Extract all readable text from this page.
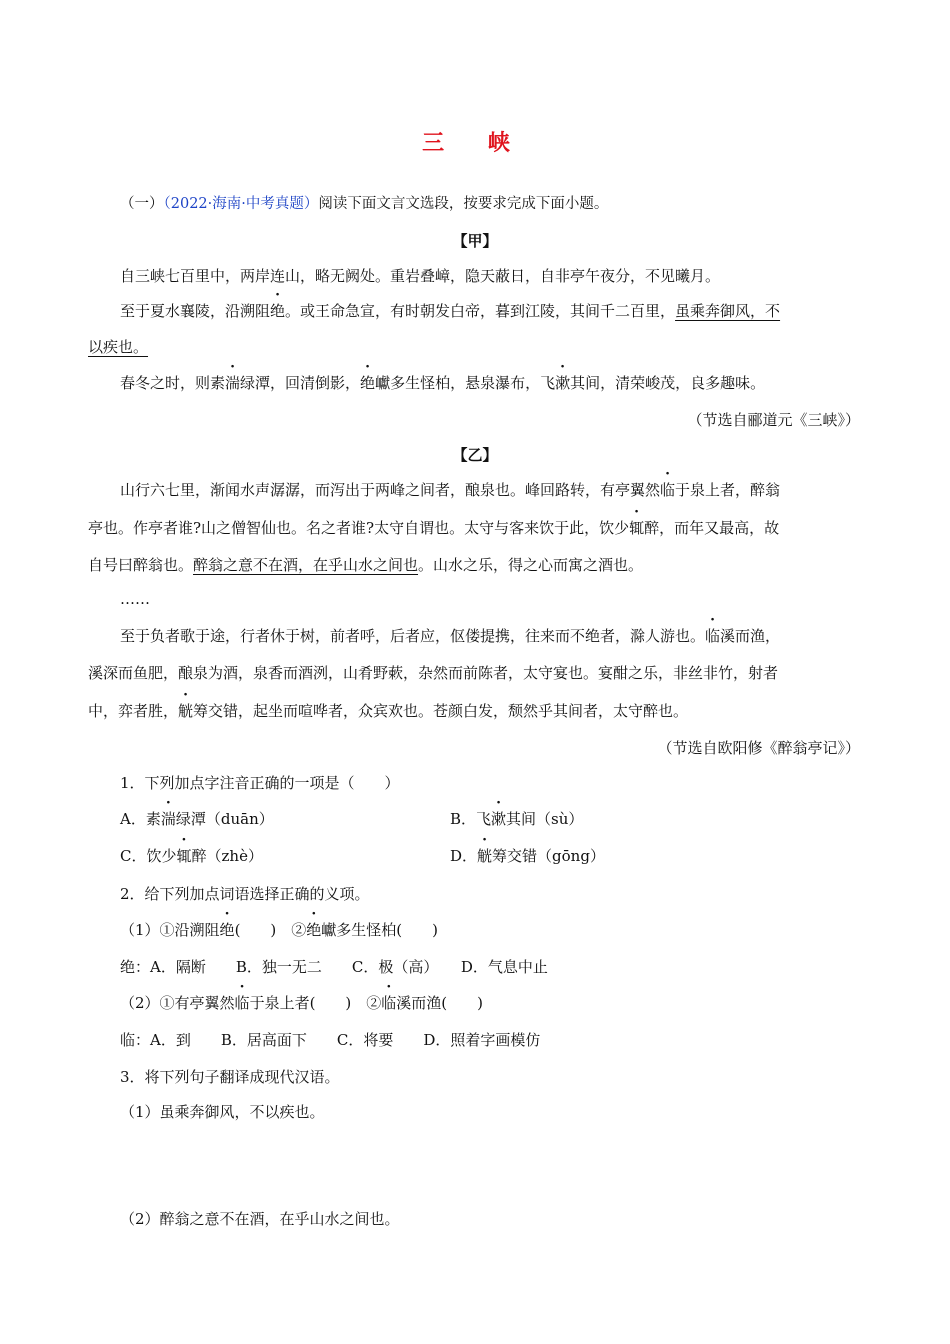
三 峡
（一）（2022·海南·中考真题）阅读下面文言文选段，按要求完成下面小题。
【甲】
自三峡七百里中，两岸连山，略无阙处。重岩叠嶂，隐天蔽日，自非亭午夜分，不见曦月。
至于夏水襄陵，沿溯阻绝。或王命急宣，有时朝发白帝，暮到江陵，其间千二百里，虽乘奔御风，不
以疾也。
春冬之时，则素湍绿潭，回清倒影，绝巘多生怪柏，悬泉瀑布，飞漱其间，清荣峻茂，良多趣味。
（节选自郦道元《三峡》）
【乙】
山行六七里，渐闻水声潺潺，而泻出于两峰之间者，酿泉也。峰回路转，有亭翼然临于泉上者，醉翁
亭也。作亭者谁?山之僧智仙也。名之者谁?太守自谓也。太守与客来饮于此，饮少辄醉，而年又最高，故
自号曰醉翁也。醉翁之意不在酒，在乎山水之间也。山水之乐，得之心而寓之酒也。
……
至于负者歌于途，行者休于树，前者呼，后者应，伛偻提携，往来而不绝者，滁人游也。临溪而渔，
溪深而鱼肥，酿泉为酒，泉香而酒洌，山肴野蔌，杂然而前陈者，太守宴也。宴酣之乐，非丝非竹，射者
中，弈者胜，觥筹交错，起坐而喧哗者，众宾欢也。苍颜白发，颓然乎其间者，太守醉也。
（节选自欧阳修《醉翁亭记》）
1．下列加点字注音正确的一项是（　　）
A．素湍绿潭（duān）	B．飞漱其间（sù）
C．饮少辄醉（zhè）	D．觥筹交错（gōng）
2．给下列加点词语选择正确的义项。
（1）①沿溯阻绝(　　)　②绝巘多生怪柏(　　)
绝：A．隔断　　B．独一无二　　C．极（高）　　D．气息中止
（2）①有亭翼然临于泉上者(　　)　②临溪而渔(　　)
临：A．到　　B．居高面下　　C．将要　　D．照着字画模仿
3．将下列句子翻译成现代汉语。
（1）虽乘奔御风，不以疾也。
（2）醉翁之意不在酒，在乎山水之间也。
